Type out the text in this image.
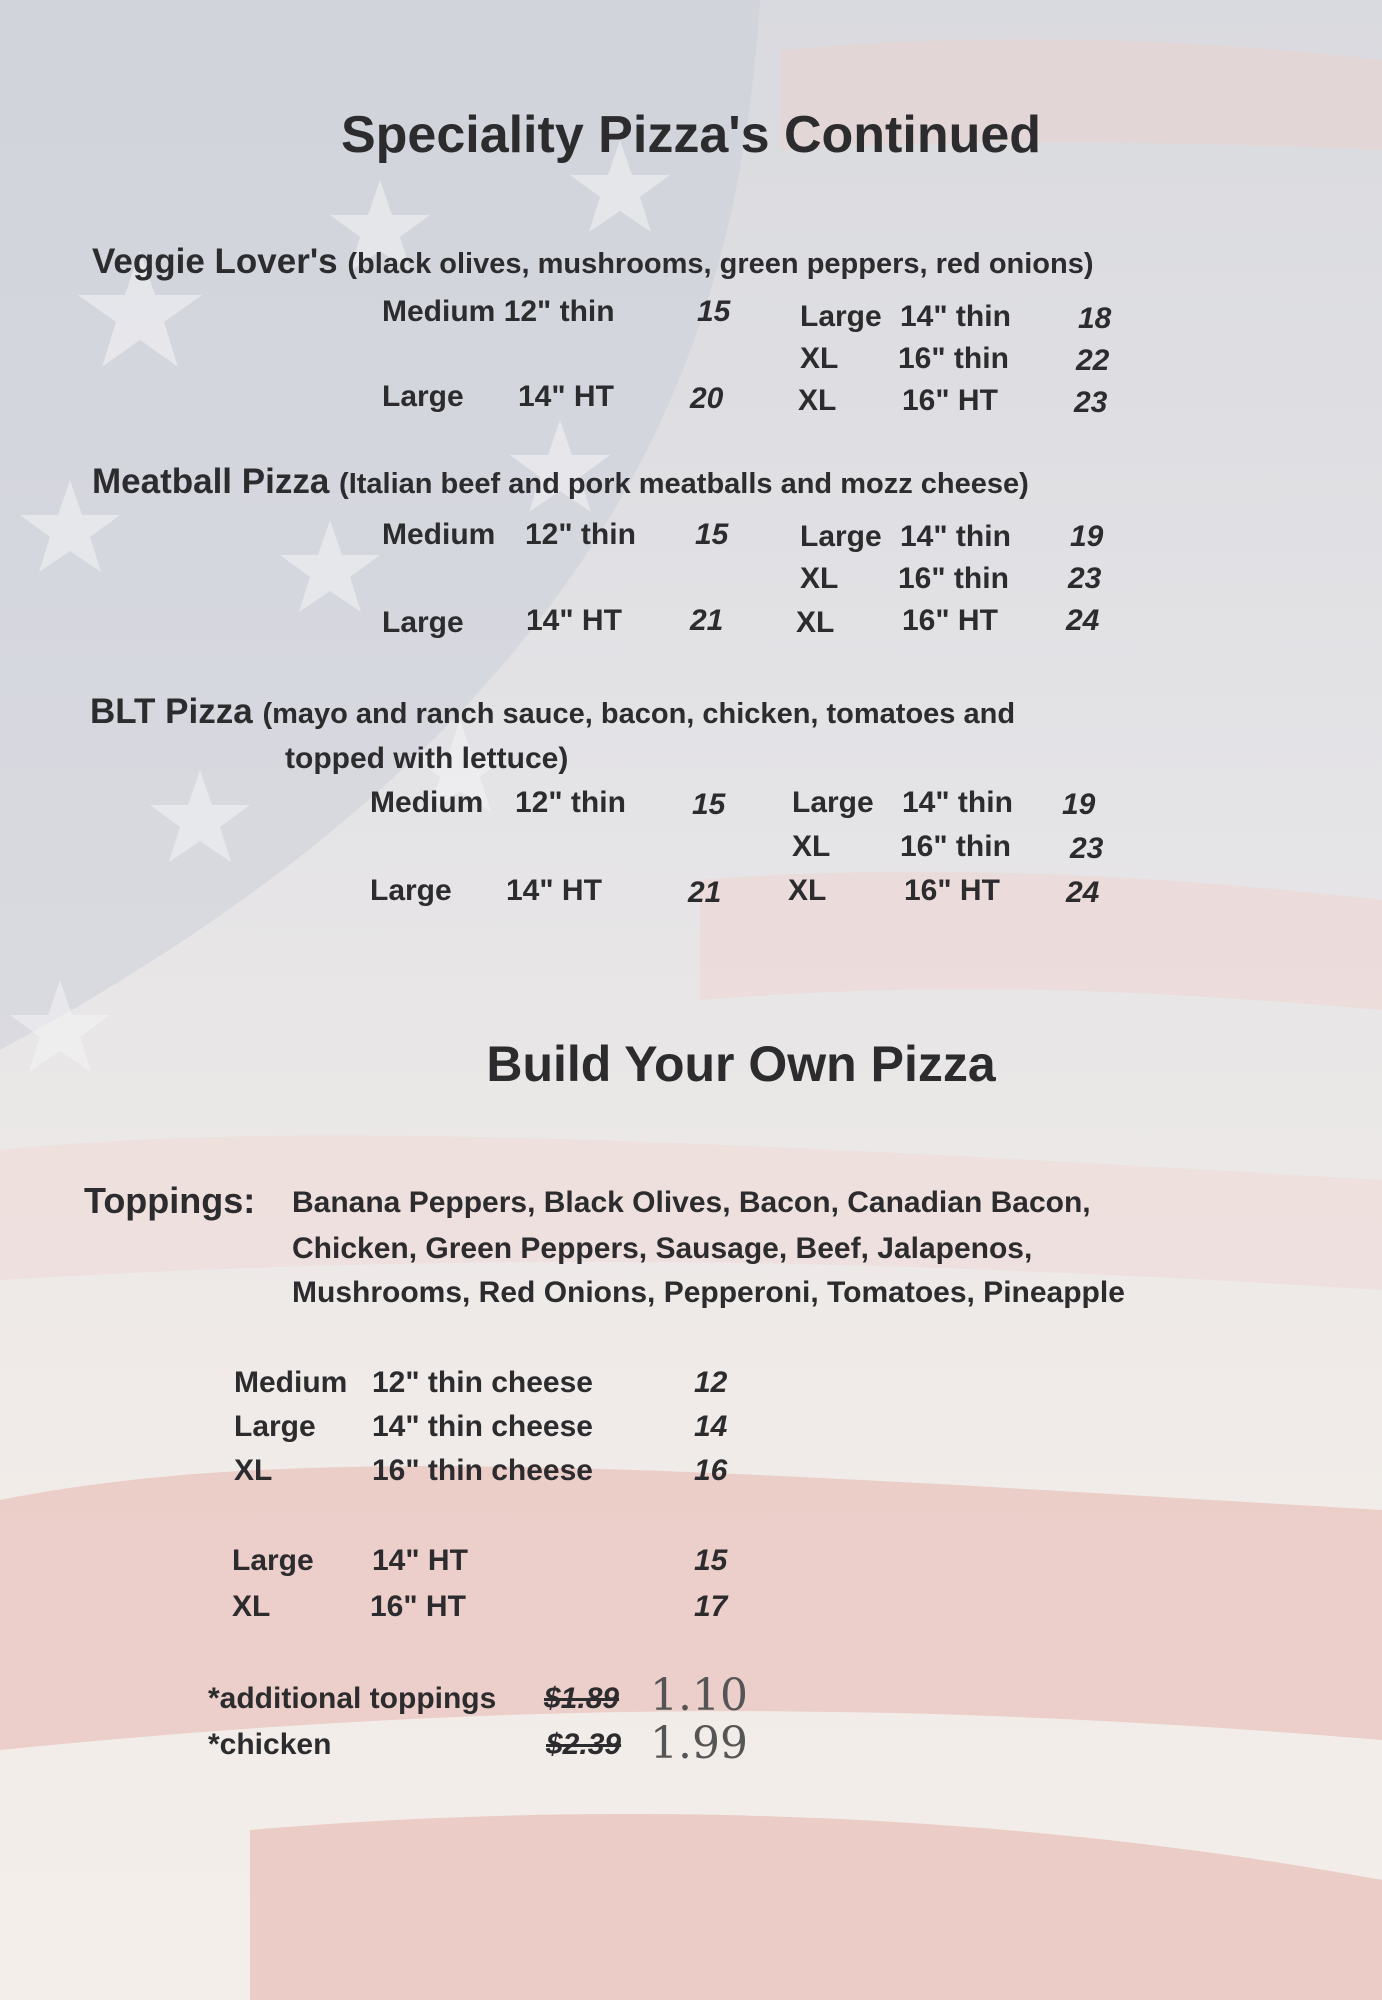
Speciality Pizza's Continued
Veggie Lover's (black olives, mushrooms, green peppers, red onions)
Medium 12" thin	15 Large 14" thin 18
XL 16" thin 22
Large 14" HT	20 XL 16" HT	23
Meatball Pizza (Italian beef and pork meatballs and mozz cheese)
Medium 12" thin 15 Large 14" thin 19
XL 16" thin 23
Large 14" HT 21 XL 16" HT 24
BLT Pizza (mayo and ranch sauce, bacon, chicken, tomatoes and
topped with lettuce)
Medium 12" thin 15 Large 14" thin 19
XL 16" thin 23
Large 14" HT	21 XL	16" HT 24
Build Your Own Pizza
Toppings: Banana Peppers, Black Olives, Bacon, Canadian Bacon,
Chicken, Green Peppers, Sausage, Beef, Jalapenos,
Mushrooms, Red Onions, Pepperoni, Tomatoes, Pineapple
Medium 12" thin cheese	12
Large 14" thin cheese	14
XL	16" thin cheese	16
Large 14" HT	15
XL	16" HT	17
*additional toppings $1.89 1.10
*chicken	$2.39 1.99
